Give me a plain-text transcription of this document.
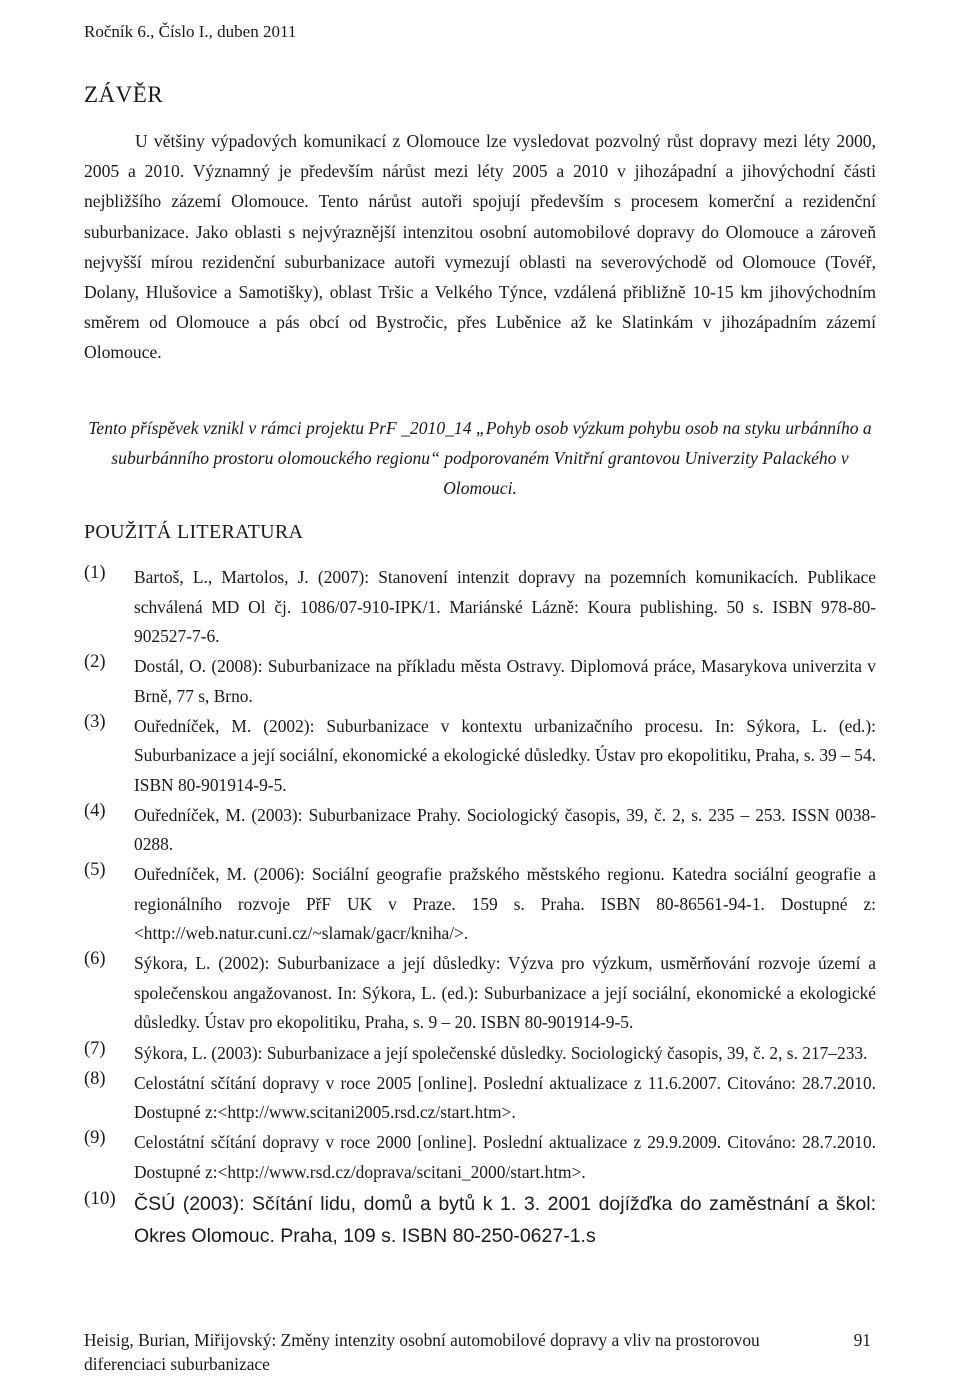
Ročník 6., Číslo I., duben 2011
ZÁVĚR

U většiny výpadových komunikací z Olomouce lze vysledovat pozvolný růst dopravy mezi léty 2000, 2005 a 2010. Významný je především nárůst mezi léty 2005 a 2010 v jihozápadní a jihovýchodní části nejbližšího zázemí Olomouce. Tento nárůst autoři spojují především s procesem komerční a rezidenční suburbanizace. Jako oblasti s nejvýraznější intenzitou osobní automobilové dopravy do Olomouce a zároveň nejvyšší mírou rezidenční suburbanizace autoři vymezují oblasti na severovýchodě od Olomouce (Tovéř, Dolany, Hlušovice a Samotišky), oblast Tršic a Velkého Týnce, vzdálená přibližně 10-15 km jihovýchodním směrem od Olomouce a pás obcí od Bystročic, přes Luběnice až ke Slatinkám v jihozápadním zázemí Olomouce.

Tento příspěvek vznikl v rámci projektu PrF _2010_14 „Pohyb osob výzkum pohybu osob na styku urbánního a suburbánního prostoru olomouckého regionu“ podporovaném Vnitřní grantovou Univerzity Palackého v Olomouci.

POUŽITÁ LITERATURA
(1) Bartoš, L., Martolos, J. (2007): Stanovení intenzit dopravy na pozemních komunikacích. Publikace schválená MD Ol čj. 1086/07-910-IPK/1. Mariánské Lázně: Koura publishing. 50 s. ISBN 978-80-902527-7-6.
(2) Dostál, O. (2008): Suburbanizace na příkladu města Ostravy. Diplomová práce, Masarykova univerzita v Brně, 77 s, Brno.
(3) Ouředníček, M. (2002): Suburbanizace v kontextu urbanizačního procesu. In: Sýkora, L. (ed.): Suburbanizace a její sociální, ekonomické a ekologické důsledky. Ústav pro ekopolitiku, Praha, s. 39 – 54. ISBN 80-901914-9-5.
(4) Ouředníček, M. (2003): Suburbanizace Prahy. Sociologický časopis, 39, č. 2, s. 235 – 253. ISSN 0038-0288.
(5) Ouředníček, M. (2006): Sociální geografie pražského městského regionu. Katedra sociální geografie a regionálního rozvoje PřF UK v Praze. 159 s. Praha. ISBN 80-86561-94-1. Dostupné z: <http://web.natur.cuni.cz/~slamak/gacr/kniha/>.
(6) Sýkora, L. (2002): Suburbanizace a její důsledky: Výzva pro výzkum, usměrňování rozvoje území a společenskou angažovanost. In: Sýkora, L. (ed.): Suburbanizace a její sociální, ekonomické a ekologické důsledky. Ústav pro ekopolitiku, Praha, s. 9 – 20. ISBN 80-901914-9-5.
(7) Sýkora, L. (2003): Suburbanizace a její společenské důsledky. Sociologický časopis, 39, č. 2, s. 217–233.
(8) Celostátní sčítání dopravy v roce 2005 [online]. Poslední aktualizace z 11.6.2007. Citováno: 28.7.2010. Dostupné z:<http://www.scitani2005.rsd.cz/start.htm>.
(9) Celostátní sčítání dopravy v roce 2000 [online]. Poslední aktualizace z 29.9.2009. Citováno: 28.7.2010. Dostupné z:<http://www.rsd.cz/doprava/scitani_2000/start.htm>.
(10) ČSÚ (2003): Sčítání lidu, domů a bytů k 1. 3. 2001 dojížďka do zaměstnání a škol: Okres Olomouc. Praha, 109 s. ISBN 80-250-0627-1.s
Heisig, Burian, Miřijovský: Změny intenzity osobní automobilové dopravy a vliv na prostorovou diferenciaci suburbanizace
91
